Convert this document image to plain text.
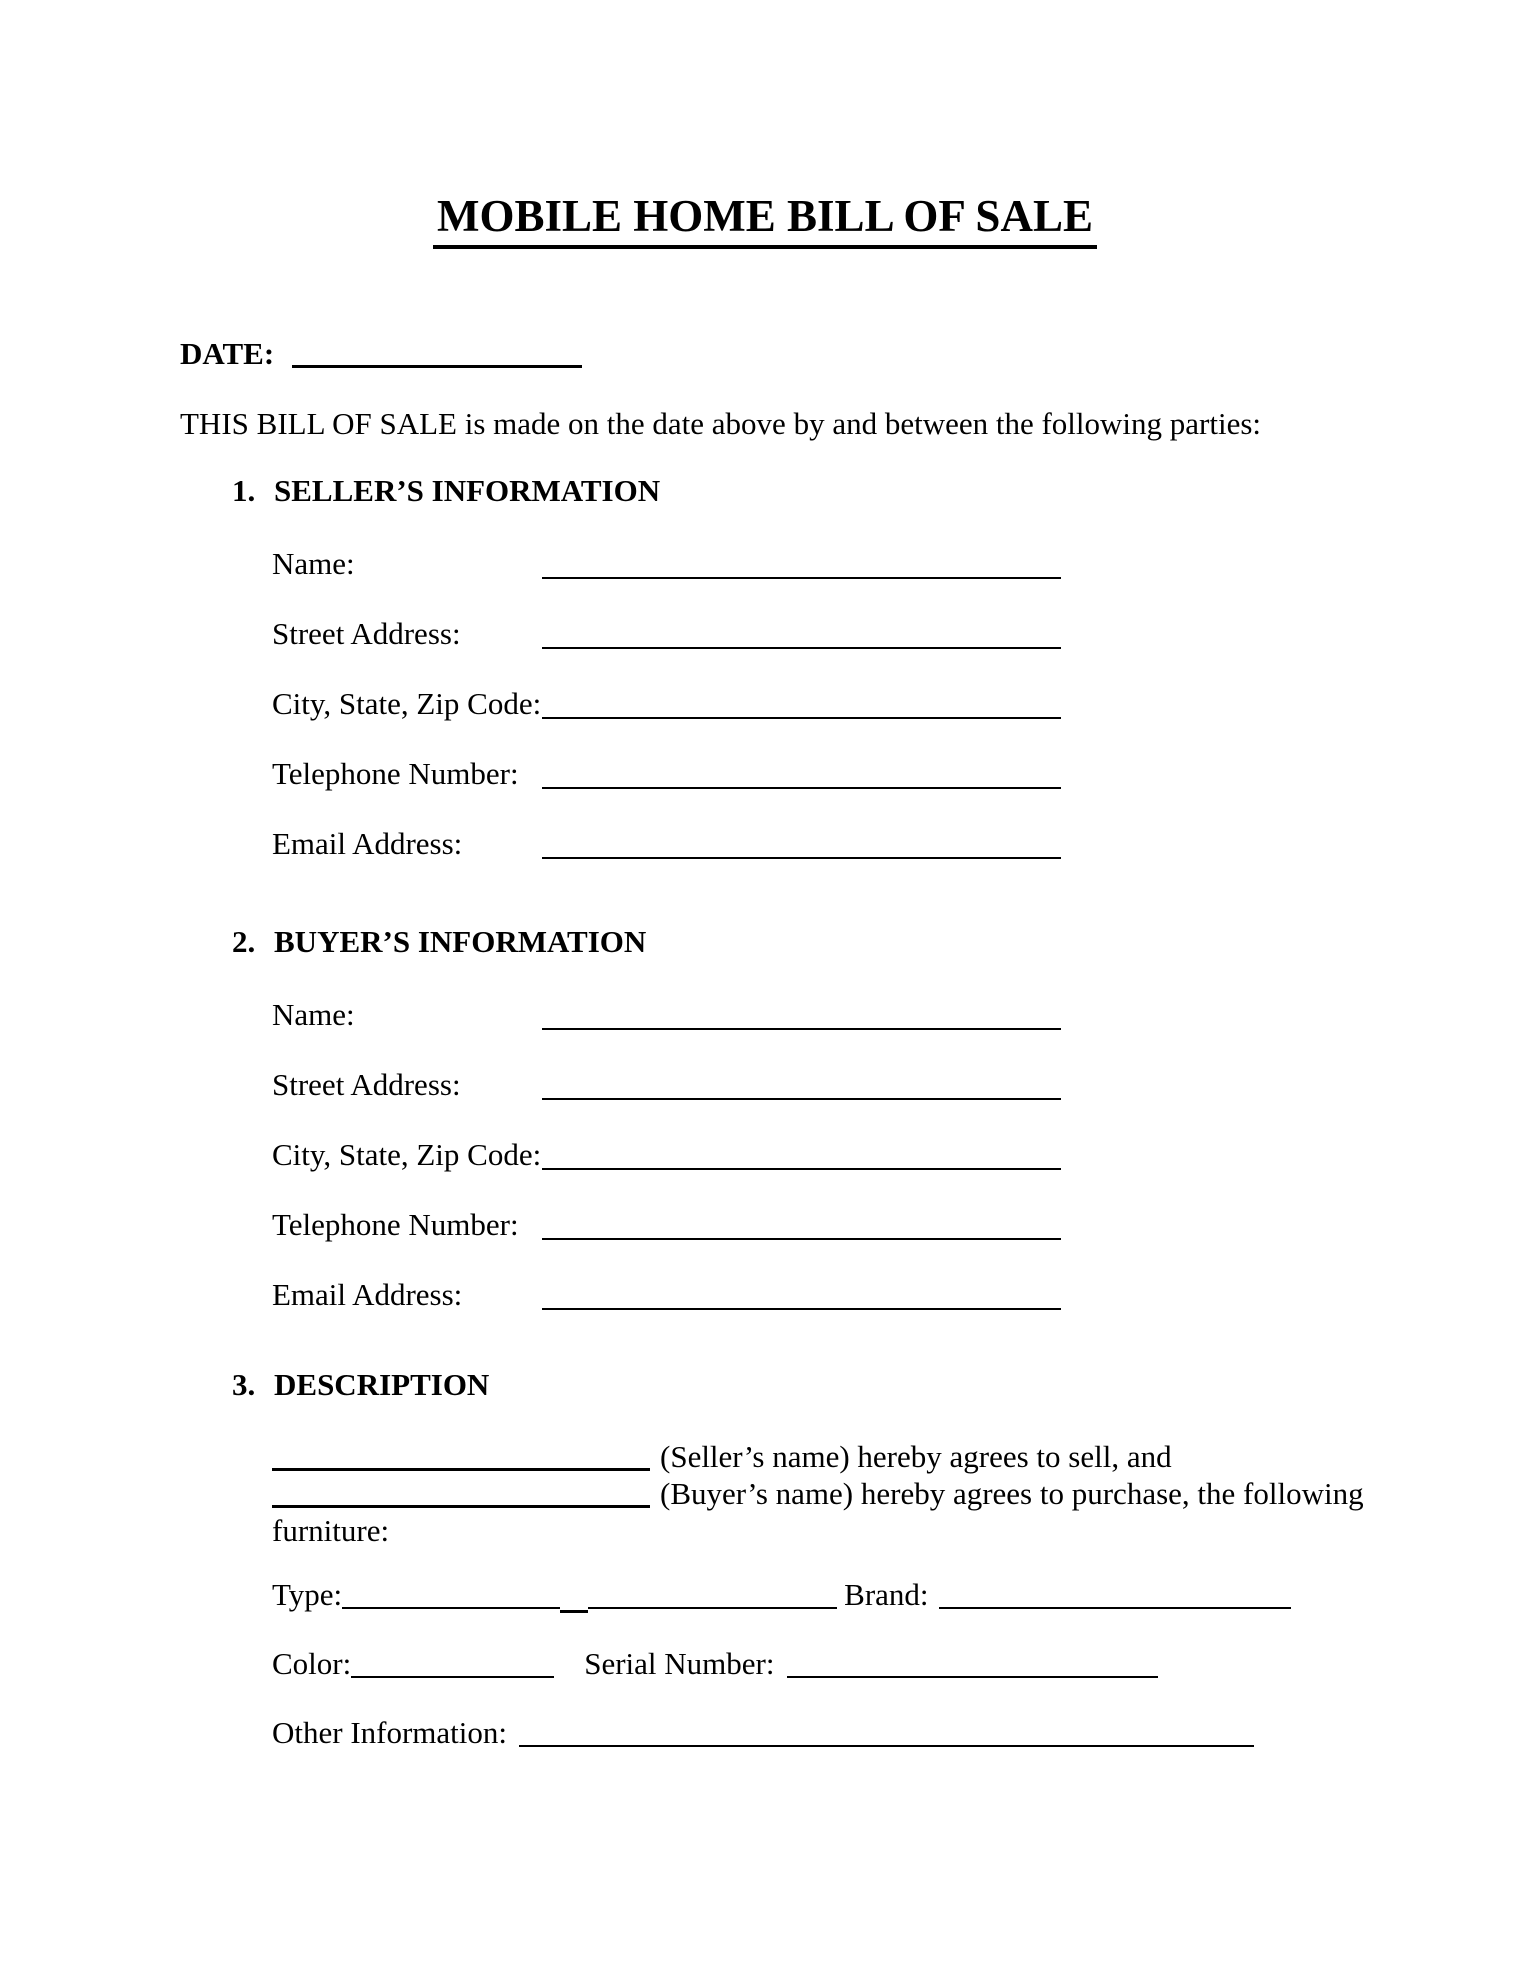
MOBILE HOME BILL OF SALE
DATE:

THIS BILL OF SALE is made on the date above by and between the following parties:

1. SELLER’S INFORMATION
Name:
Street Address:
City, State, Zip Code:
Telephone Number:
Email Address:
2. BUYER’S INFORMATION
Name:
Street Address:
City, State, Zip Code:
Telephone Number:
Email Address:
3. DESCRIPTION
(Seller’s name) hereby agrees to sell, and
(Buyer’s name) hereby agrees to purchase, the following
furniture:
Type:	Brand:
Color:	Serial Number:
Other Information:
